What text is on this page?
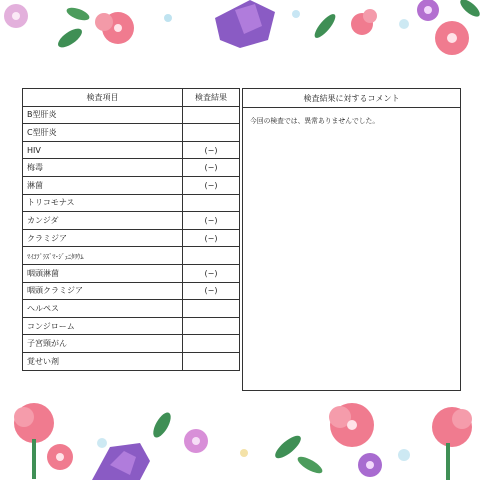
検査項目	検査結果
B型肝炎	
C型肝炎	
HIV	(−)
梅毒	(−)
淋菌	(−)
トリコモナス	
カンジダ	(−)
クラミジア	(−)
ﾏｲｺﾌﾟﾗｽﾞﾏ･ｼﾞｪﾆﾀﾘｳﾑ	
咽頭淋菌	(−)
咽頭クラミジア	(−)
ヘルペス	
コンジローム	
子宮頸がん	
覚せい剤	
検査結果に対するコメント
今回の検査では、異常ありませんでした。
